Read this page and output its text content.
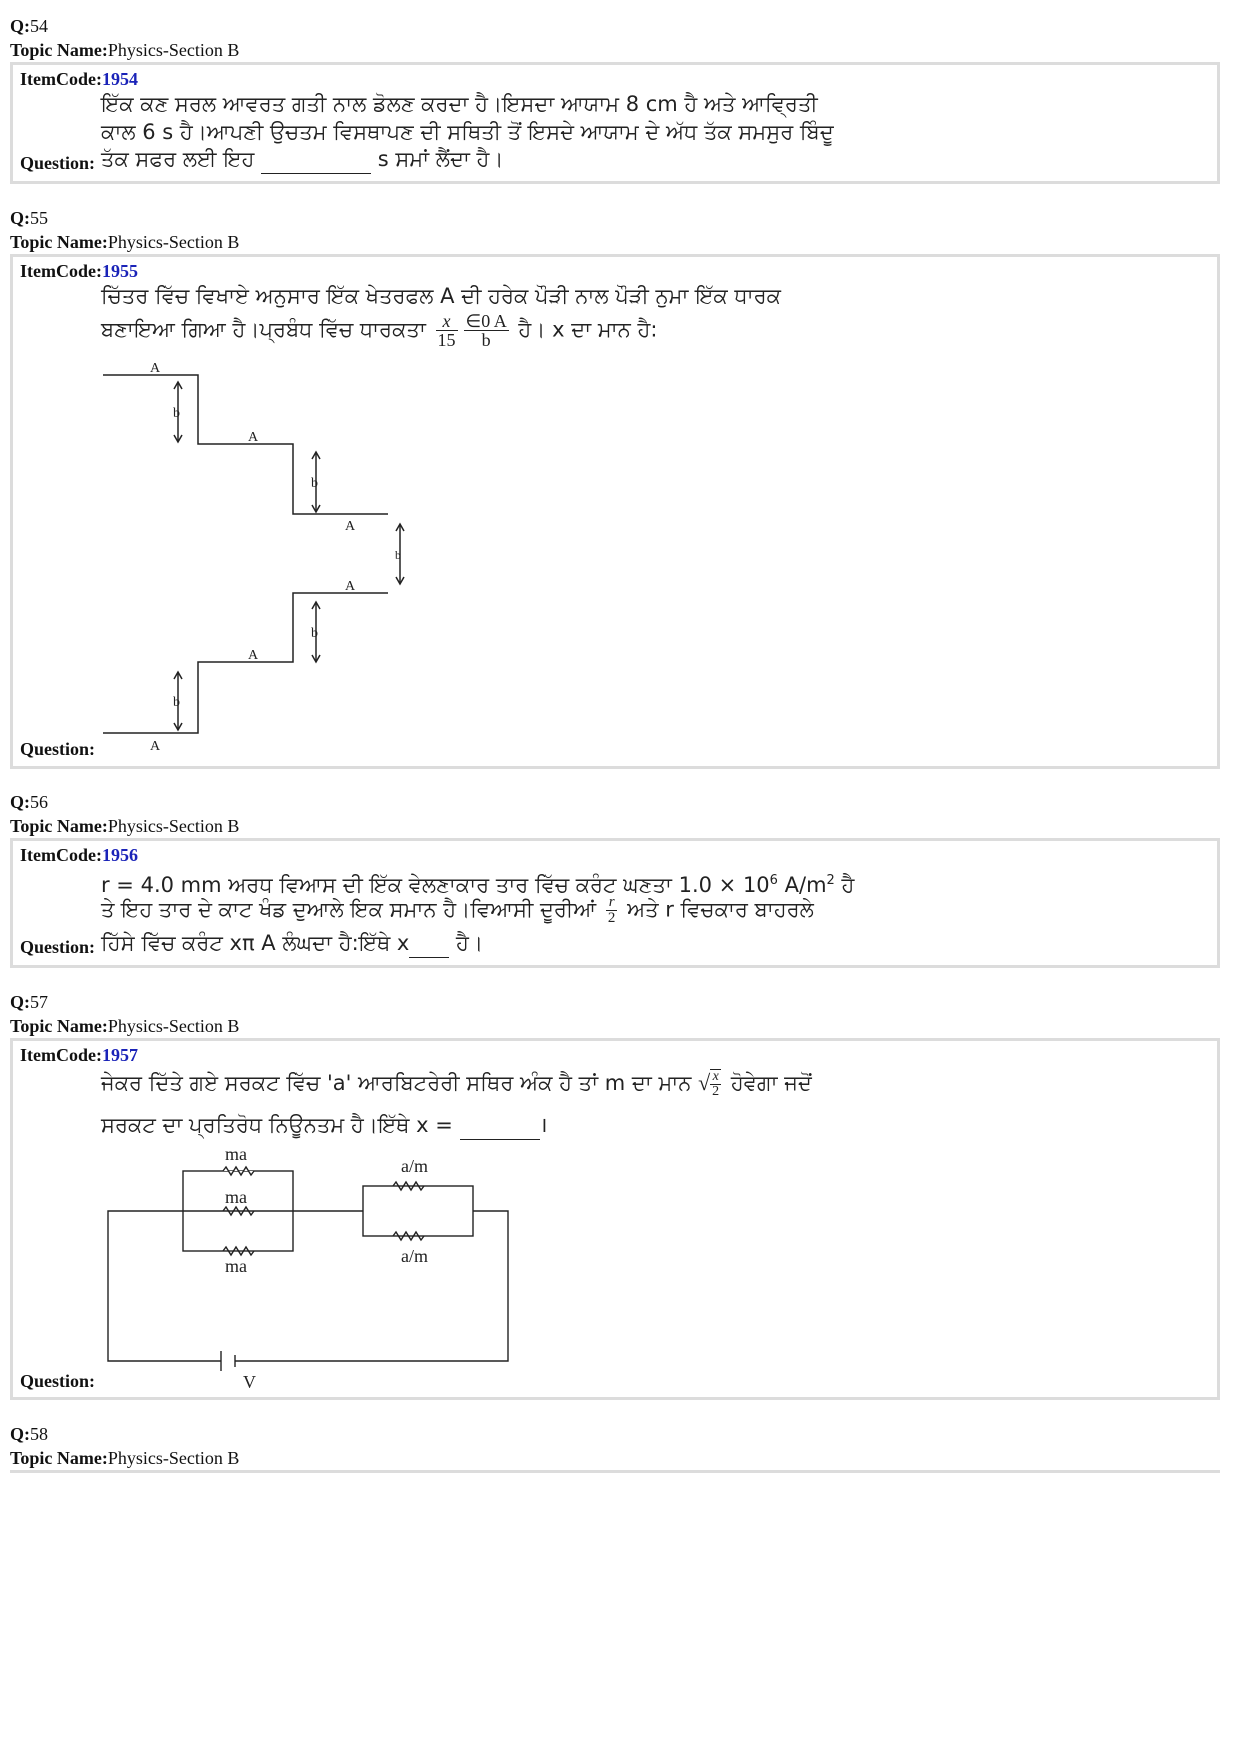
Q:54
Topic Name:Physics-Section B
ItemCode:1954
ਇੱਕ ਕਣ ਸਰਲ ਆਵਰਤ ਗਤੀ ਨਾਲ ਡੋਲਣ ਕਰਦਾ ਹੈ।ਇਸਦਾ ਆਯਾਮ 8 cm ਹੈ ਅਤੇ ਆਵ੍ਰਿਤੀ
ਕਾਲ 6 s ਹੈ।ਆਪਣੀ ਉਚਤਮ ਵਿਸਥਾਪਣ ਦੀ ਸਥਿਤੀ ਤੋਂ ਇਸਦੇ ਆਯਾਮ ਦੇ ਅੱਧ ਤੱਕ ਸਮਸੁਰ ਬਿੰਦੂ
ਤੱਕ ਸਫਰ ਲਈ ਇਹ	s ਸਮਾਂ ਲੈਂਦਾ ਹੈ।
Question:
Q:55
Topic Name:Physics-Section B
ItemCode:1955
ਚਿੱਤਰ ਵਿੱਚ ਵਿਖਾਏ ਅਨੁਸਾਰ ਇੱਕ ਖੇਤਰਫਲ A ਦੀ ਹਰੇਕ ਪੌੜੀ ਨਾਲ ਪੌੜੀ ਨੁਮਾ ਇੱਕ ਧਾਰਕ
ਬਣਾਇਆ ਗਿਆ ਹੈ।ਪ੍ਰਬੰਧ ਵਿੱਚ ਧਾਰਕਤਾ $\frac{x}{15} \frac{\in 0 A}{b}$ ਹੈ। x ਦਾ ਮਾਨ ਹੈ:
A
A
A
A
A
A
b
b
b
b
b
Question:
Q:56
Topic Name:Physics-Section B
ItemCode:1956
r = 4.0 mm ਅਰਧ ਵਿਆਸ ਦੀ ਇੱਕ ਵੇਲਣਾਕਾਰ ਤਾਰ ਵਿੱਚ ਕਰੰਟ ਘਣਤਾ $1.0 \times 10^6$ $A/m^2$ ਹੈ
ਤੇ ਇਹ ਤਾਰ ਦੇ ਕਾਟ ਖੰਡ ਦੁਆਲੇ ਇਕ ਸਮਾਨ ਹੈ।ਵਿਆਸੀ ਦੂਰੀਆਂ $\frac{r}{2}$ ਅਤੇ r ਵਿਚਕਾਰ ਬਾਹਰਲੇ
ਹਿੱਸੇ ਵਿੱਚ ਕਰੰਟ xπ A ਲੰਘਦਾ ਹੈ:ਇੱਥੇ x ਹੈ।
Question:
Q:57
Topic Name:Physics-Section B
ItemCode:1957
ਜੇਕਰ ਦਿੱਤੇ ਗਏ ਸਰਕਟ ਵਿੱਚ 'a' ਆਰਬਿਟਰੇਰੀ ਸਥਿਰ ਅੰਕ ਹੈ ਤਾਂ m ਦਾ ਮਾਨ √ $\frac{x}{2}$ ਹੋਵੇਗਾ ਜਦੋਂ
ਸਰਕਟ ਦਾ ਪ੍ਰਤਿਰੋਧ ਨਿਊਨਤਮ ਹੈ।ਇੱਥੇ x =	।
ma
ma
ma
a/m
a/m
V
Question:
Q:58
Topic Name:Physics-Section B
